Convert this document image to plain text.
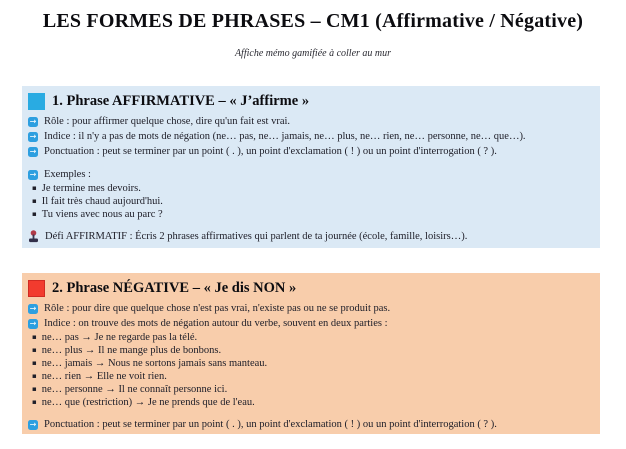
LES FORMES DE PHRASES – CM1 (Affirmative / Négative)
Affiche mémo gamifiée à coller au mur
1. Phrase AFFIRMATIVE – « J’affirme »
→
Rôle : pour affirmer quelque chose, dire qu'un fait est vrai.
→
Indice : il n'y a pas de mots de négation (ne… pas, ne… jamais, ne… plus, ne… rien, ne… personne, ne… que…).
→
Ponctuation : peut se terminer par un point ( . ), un point d'exclamation ( ! ) ou un point d'interrogation ( ? ).
→
Exemples :
▪ Je termine mes devoirs.
▪ Il fait très chaud aujourd'hui.
▪ Tu viens avec nous au parc ?
Défi AFFIRMATIF : Écris 2 phrases affirmatives qui parlent de ta journée (école, famille, loisirs…).
2. Phrase NÉGATIVE – « Je dis NON »
→
Rôle : pour dire que quelque chose n'est pas vrai, n'existe pas ou ne se produit pas.
→
Indice : on trouve des mots de négation autour du verbe, souvent en deux parties :
▪ ne… pas → Je ne regarde pas la télé.
▪ ne… plus → Il ne mange plus de bonbons.
▪ ne… jamais → Nous ne sortons jamais sans manteau.
▪ ne… rien → Elle ne voit rien.
▪ ne… personne → Il ne connaît personne ici.
▪ ne… que (restriction) → Je ne prends que de l'eau.
→
Ponctuation : peut se terminer par un point ( . ), un point d'exclamation ( ! ) ou un point d'interrogation ( ? ).
